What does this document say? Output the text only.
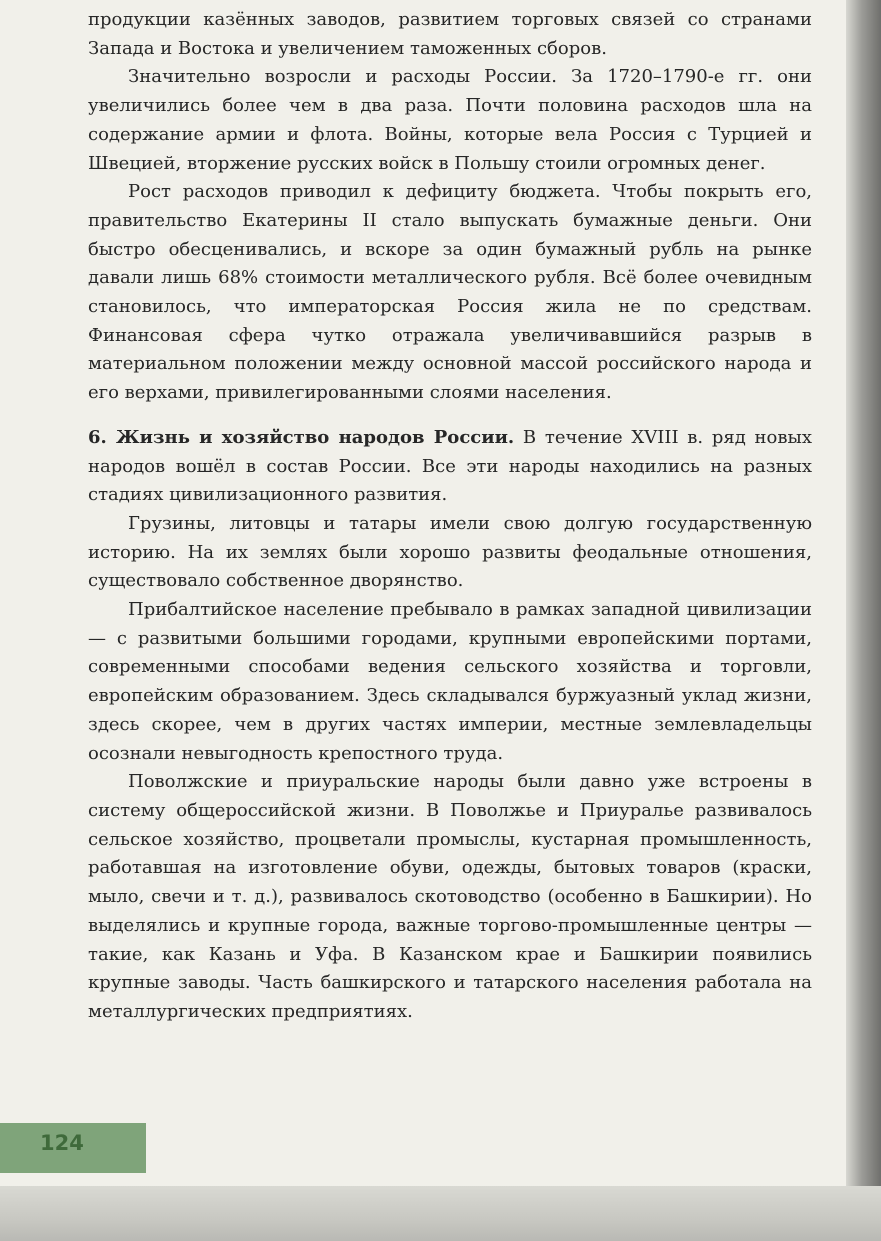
продукции казённых заводов, развитием торговых связей со странами Запада и Востока и увеличением таможенных сборов.

Значительно возросли и расходы России. За 1720–1790-е гг. они увеличились более чем в два раза. Почти половина расходов шла на содержание армии и флота. Войны, которые вела Россия с Турцией и Швецией, вторжение русских войск в Польшу стоили огромных денег.

Рост расходов приводил к дефициту бюджета. Чтобы покрыть его, правительство Екатерины II стало выпускать бумажные деньги. Они быстро обесценивались, и вскоре за один бумажный рубль на рынке давали лишь 68% стоимости металлического рубля. Всё более очевидным становилось, что императорская Россия жила не по средствам. Финансовая сфера чутко отражала увеличивавшийся разрыв в материальном положении между основной массой российского народа и его верхами, привилегированными слоями населения.

6. Жизнь и хозяйство народов России. В течение XVIII в. ряд новых народов вошёл в состав России. Все эти народы находились на разных стадиях цивилизационного развития.

Грузины, литовцы и татары имели свою долгую государственную историю. На их землях были хорошо развиты феодальные отношения, существовало собственное дворянство.

Прибалтийское население пребывало в рамках западной цивилизации — с развитыми большими городами, крупными европейскими портами, современными способами ведения сельского хозяйства и торговли, европейским образованием. Здесь складывался буржуазный уклад жизни, здесь скорее, чем в других частях империи, местные землевладельцы осознали невыгодность крепостного труда.

Поволжские и приуральские народы были давно уже встроены в систему общероссийской жизни. В Поволжье и Приуралье развивалось сельское хозяйство, процветали промыслы, кустарная промышленность, работавшая на изготовление обуви, одежды, бытовых товаров (краски, мыло, свечи и т. д.), развивалось скотоводство (особенно в Башкирии). Но выделялись и крупные города, важные торгово-промышленные центры — такие, как Казань и Уфа. В Казанском крае и Башкирии появились крупные заводы. Часть башкирского и татарского населения работала на металлургических предприятиях.

124
